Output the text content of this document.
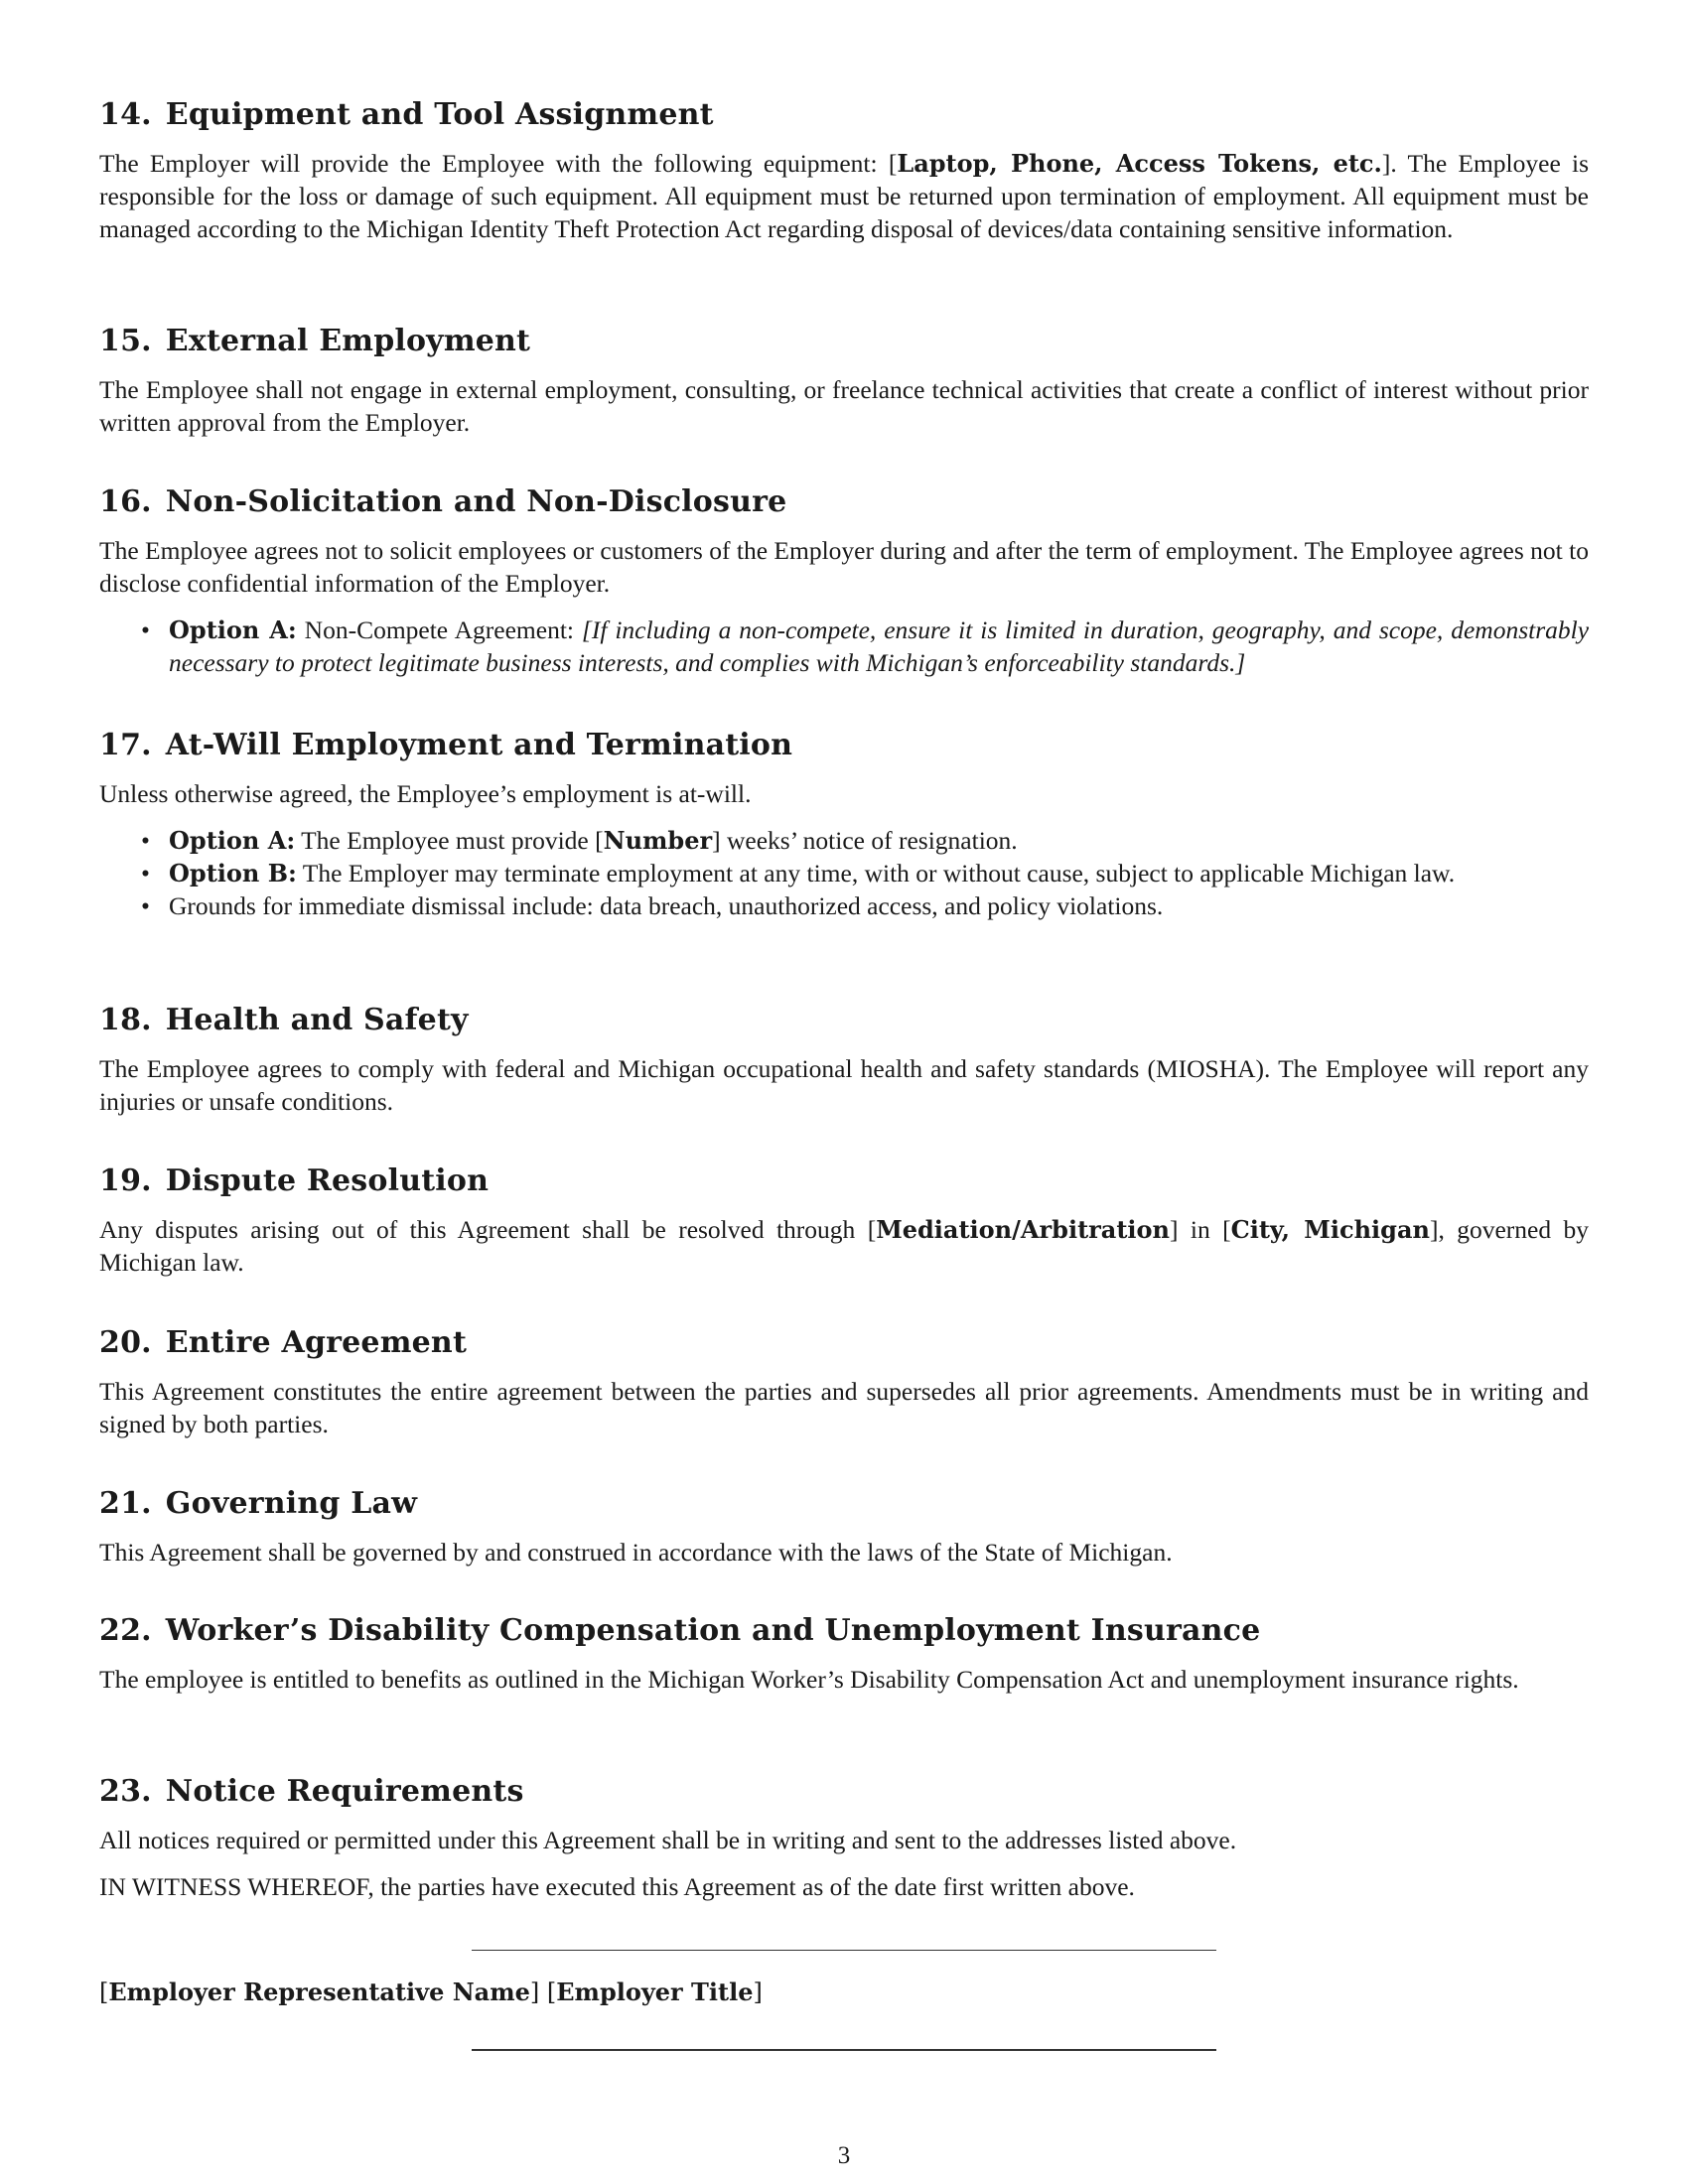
14. Equipment and Tool Assignment

The Employer will provide the Employee with the following equipment: [Laptop, Phone, Access Tokens, etc.]. The Employee is responsible for the loss or damage of such equipment. All equipment must be returned upon termination of employment. All equipment must be managed according to the Michigan Identity Theft Protection Act regarding disposal of devices/data containing sensitive information.

15. External Employment

The Employee shall not engage in external employment, consulting, or freelance technical activities that create a conflict of interest without prior written approval from the Employer.

16. Non-Solicitation and Non-Disclosure

The Employee agrees not to solicit employees or customers of the Employer during and after the term of employment. The Employee agrees not to disclose confidential information of the Employer.

• Option A: Non-Compete Agreement: [If including a non-compete, ensure it is limited in duration, geography, and scope, demonstrably necessary to protect legitimate business interests, and complies with Michigan’s enforceability standards.]
17. At-Will Employment and Termination

Unless otherwise agreed, the Employee’s employment is at-will.

• Option A: The Employee must provide [Number] weeks’ notice of resignation.
• Option B: The Employer may terminate employment at any time, with or without cause, subject to applicable Michigan law.
• Grounds for immediate dismissal include: data breach, unauthorized access, and policy violations.
18. Health and Safety

The Employee agrees to comply with federal and Michigan occupational health and safety standards (MIOSHA). The Employee will report any injuries or unsafe conditions.

19. Dispute Resolution

Any disputes arising out of this Agreement shall be resolved through [Mediation/Arbitration] in [City, Michigan], governed by Michigan law.

20. Entire Agreement

This Agreement constitutes the entire agreement between the parties and supersedes all prior agreements. Amendments must be in writing and signed by both parties.

21. Governing Law

This Agreement shall be governed by and construed in accordance with the laws of the State of Michigan.

22. Worker’s Disability Compensation and Unemployment Insurance

The employee is entitled to benefits as outlined in the Michigan Worker’s Disability Compensation Act and unemployment insurance rights.

23. Notice Requirements

All notices required or permitted under this Agreement shall be in writing and sent to the addresses listed above.

IN WITNESS WHEREOF, the parties have executed this Agreement as of the date first written above.

[Employer Representative Name] [Employer Title]
3
